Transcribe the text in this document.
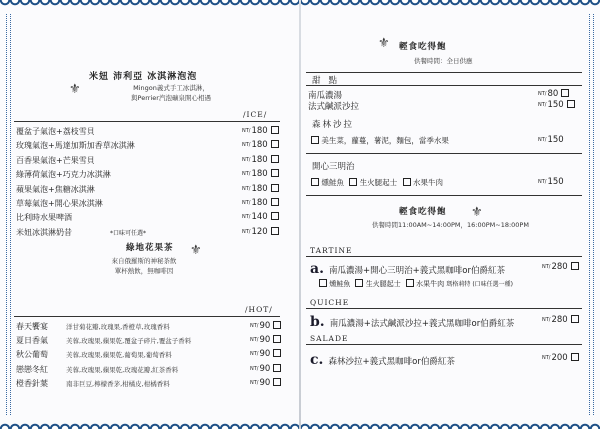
米妞 沛利亞 冰淇淋泡泡
⚜	Mingon義式手工冰淇淋，
與Perrier汽泡礦泉開心相遇
/ICE/
覆盆子氣泡+荔枝雪貝	NT/180
玫瑰氣泡+馬達加斯加香草冰淇淋	NT/180
百香果氣泡+芒果雪貝	NT/180
綠薄荷氣泡+巧克力冰淇淋	NT/180
蘋果氣泡+焦糖冰淇淋	NT/180
草莓氣泡+開心果冰淇淋	NT/180
比利時水果啤酒	NT/140
米妞冰淇淋奶昔	*口味可任選*	NT/120
綠地花果茶 ⚜
來自俄羅斯的神秘茶飲
單杯熱飲，無咖啡因
/HOT/
春天饗宴	洋甘菊花瓣,玫瑰果,香橙草,玫瑰香料	NT/90
夏日香氣	芙蓉,玫瑰果,蘋果乾,覆盆子碎片,覆盆子香料	NT/90
秋公葡萄	芙蓉,玫瑰果,蘋果乾,葡萄果,葡萄香料	NT/90
戀戀冬紅	芙蓉,玫瑰果,蘋果乾,玫瑰花瓣,紅茶香料	NT/90
橙香針葉	南非巨豆,檸檬香茅,柑橘皮,柑橘香料	NT/90
⚜ 輕食吃得飽
供餐時間：全日供應
甜點
南瓜濃湯	NT/80
法式鹹派沙拉	NT/150
森林沙拉
美生菜，蘿蔓，薯泥，麵包，當季水果	NT/150
開心三明治
燻鮭魚 生火腿起士 水果牛肉	NT/150
輕食吃得飽 ⚜
供餐時間11:00AM~14:00PM，16:00PM~18:00PM
TARTINE
a. 南瓜濃湯+開心三明治+義式黑咖啡or伯爵紅茶	NT/280
燻鮭魚 生火腿起士 水果牛肉 瑪格莉特 (口味任選一種)
QUICHE
b. 南瓜濃湯+法式鹹派沙拉+義式黑咖啡or伯爵紅茶	NT/280
SALADE
c. 森林沙拉+義式黑咖啡or伯爵紅茶	NT/200
